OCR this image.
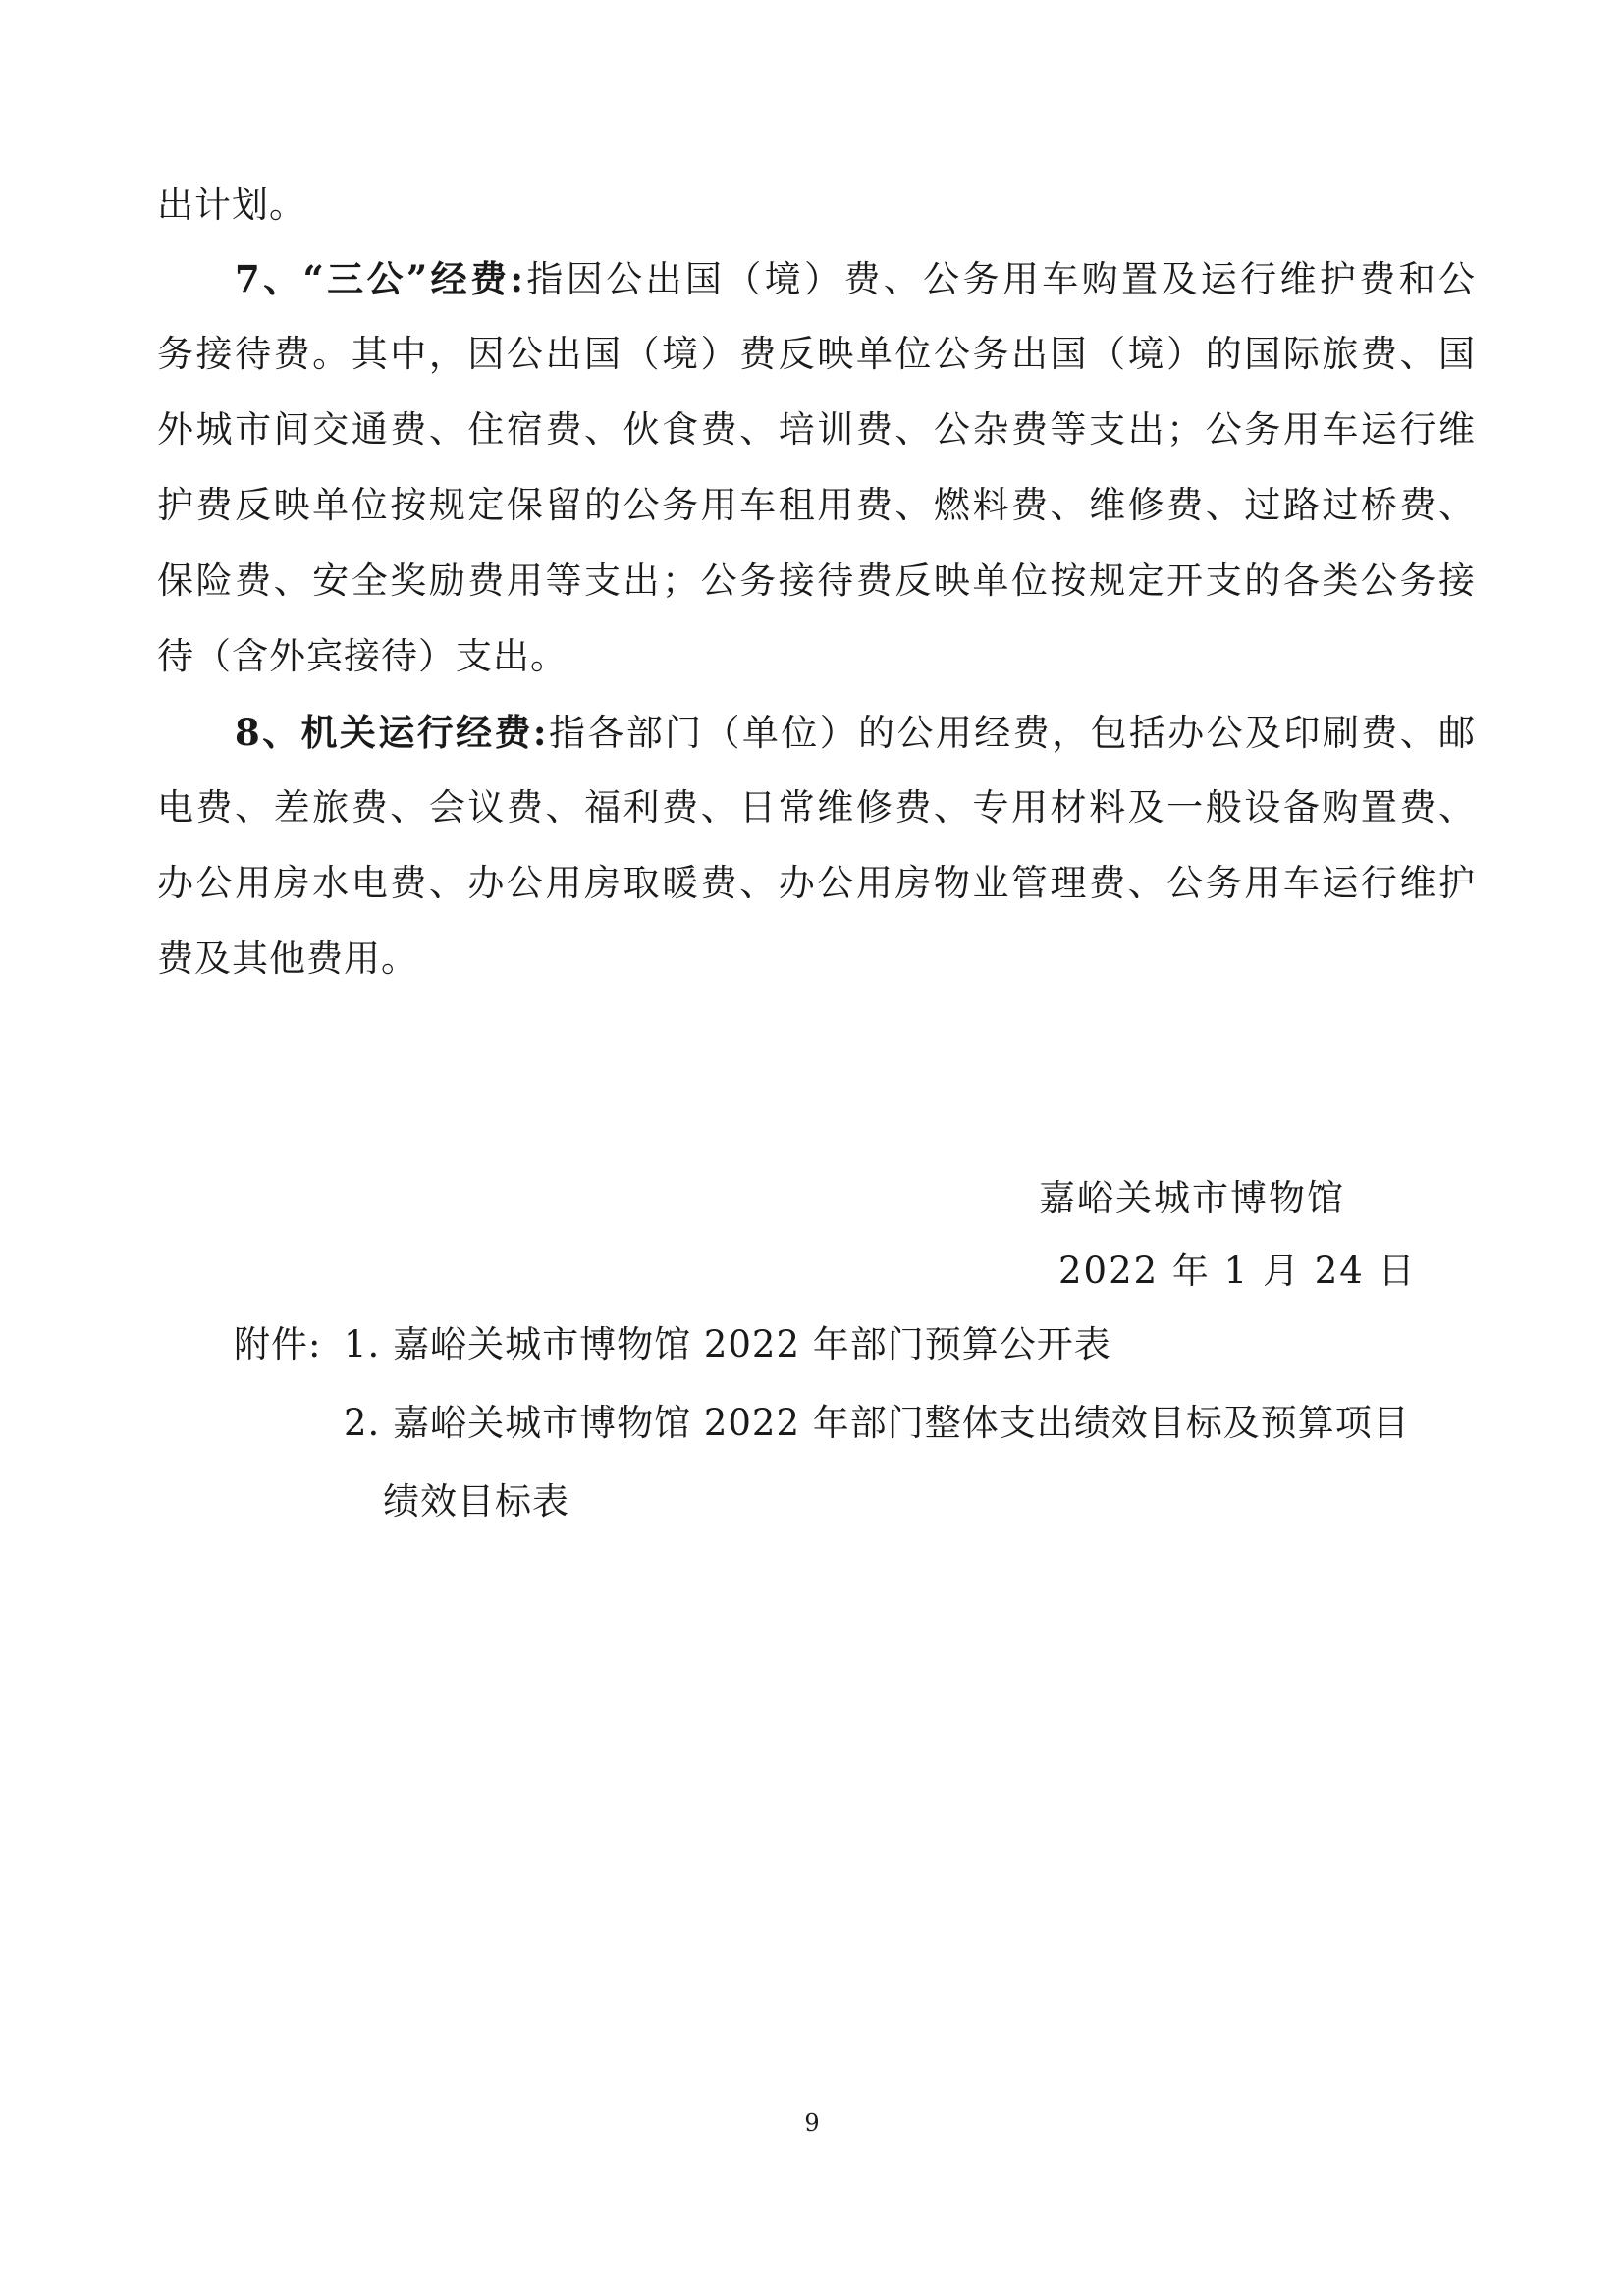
出计划。
7、“三公”经费:指因公出国（境）费、公务用车购置及运行维护费和公
务接待费。其中，因公出国（境）费反映单位公务出国（境）的国际旅费、国
外城市间交通费、住宿费、伙食费、培训费、公杂费等支出；公务用车运行维
护费反映单位按规定保留的公务用车租用费、燃料费、维修费、过路过桥费、
保险费、安全奖励费用等支出；公务接待费反映单位按规定开支的各类公务接
待（含外宾接待）支出。
8、机关运行经费:指各部门（单位）的公用经费，包括办公及印刷费、邮
电费、差旅费、会议费、福利费、日常维修费、专用材料及一般设备购置费、
办公用房水电费、办公用房取暖费、办公用房物业管理费、公务用车运行维护
费及其他费用。
嘉峪关城市博物馆
2022 年 1 月 24 日
附件: 1. 嘉峪关城市博物馆 2022 年部门预算公开表
2. 嘉峪关城市博物馆 2022 年部门整体支出绩效目标及预算项目
绩效目标表
9
